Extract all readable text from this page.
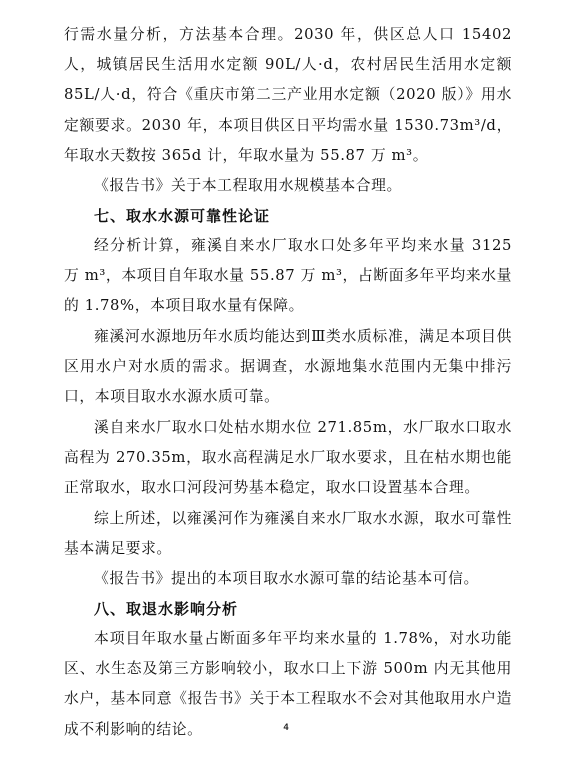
行需水量分析，方法基本合理。2030 年，供区总人口 15402 人，城镇居民生活用水定额 90L/人·d，农村居民生活用水定额 85L/人·d，符合《重庆市第二三产业用水定额（2020 版）》用水定额要求。2030 年，本项目供区日平均需水量 1530.73m³/d，年取水天数按 365d 计，年取水量为 55.87 万 m³。

《报告书》关于本工程取用水规模基本合理。

七、取水水源可靠性论证

经分析计算，雍溪自来水厂取水口处多年平均来水量 3125 万 m³，本项目自年取水量 55.87 万 m³，占断面多年平均来水量的 1.78%，本项目取水量有保障。

雍溪河水源地历年水质均能达到Ⅲ类水质标准，满足本项目供区用水户对水质的需求。据调查，水源地集水范围内无集中排污口，本项目取水水源水质可靠。

溪自来水厂取水口处枯水期水位 271.85m，水厂取水口取水高程为 270.35m，取水高程满足水厂取水要求，且在枯水期也能正常取水，取水口河段河势基本稳定，取水口设置基本合理。

综上所述，以雍溪河作为雍溪自来水厂取水水源，取水可靠性基本满足要求。

《报告书》提出的本项目取水水源可靠的结论基本可信。

八、取退水影响分析

本项目年取水量占断面多年平均来水量的 1.78%，对水功能区、水生态及第三方影响较小，取水口上下游 500m 内无其他用水户，基本同意《报告书》关于本工程取水不会对其他取用水户造成不利影响的结论。	4
